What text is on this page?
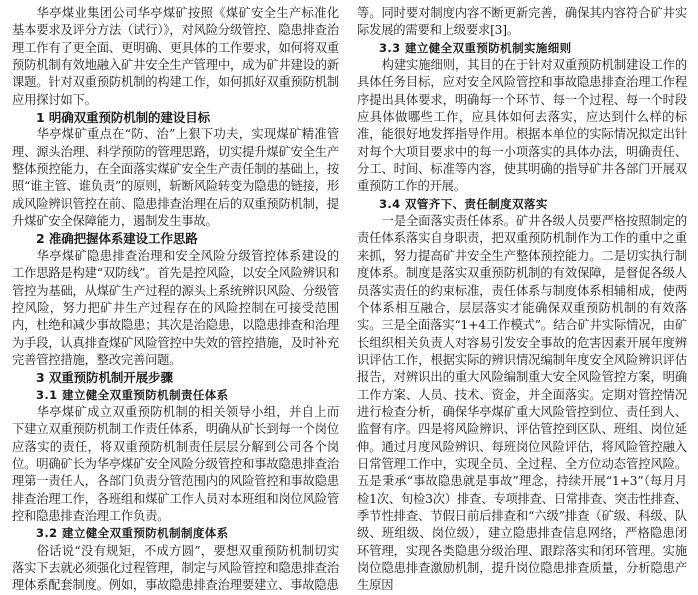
华亭煤业集团公司华亭煤矿按照《煤矿安全生产标准化基本要求及评分方法（试行）》，对风险分级管控、隐患排查治理工作有了更全面、更明确、更具体的工作要求，如何将双重预防机制有效地融入矿井安全生产管理中，成为矿井建设的新课题。针对双重预防机制的构建工作，如何抓好双重预防机制应用探讨如下。

1 明确双重预防机制的建设目标

华亭煤矿重点在“防、治”上狠下功夫，实现煤矿精准管理、源头治理、科学预防的管理思路，切实提升煤矿安全生产整体预控能力，在全面落实煤矿安全生产责任制的基础上，按照“谁主管、谁负责”的原则，斩断风险转变为隐患的链接，形成风险辨识管控在前、隐患排查治理在后的双重预防机制，提升煤矿安全保障能力，遏制发生事故。

2 准确把握体系建设工作思路

华亭煤矿隐患排查治理和安全风险分级管控体系建设的工作思路是构建“双防线”。首先是控风险，以安全风险辨识和管控为基础，从煤矿生产过程的源头上系统辨识风险、分级管控风险，努力把矿井生产过程存在的风险控制在可接受范围内，杜绝和减少事故隐患；其次是治隐患，以隐患排查和治理为手段，认真排查煤矿风险管控中失效的管控措施，及时补充完善管控措施，整改完善问题。

3 双重预防机制开展步骤
3.1 建立健全双重预防机制责任体系

华亭煤矿成立双重预防机制的相关领导小组，并自上而下建立双重预防机制工作责任体系，明确从矿长到每一个岗位应落实的责任，将双重预防机制责任层层分解到公司各个岗位。明确矿长为华亭煤矿安全风险分级管控和事故隐患排查治理第一责任人，各部门负责分管范围内的风险管控和事故隐患排查治理工作，各班组和煤矿工作人员对本班组和岗位风险管控和隐患排查治理工作负责。

3.2 建立健全双重预防机制制度体系

俗话说“没有规矩，不成方圆”，要想双重预防机制切实落实下去就必须强化过程管理，制定与风险管控和隐患排查治理体系配套制度。例如，事故隐患排查治理要建立、事故隐患

等。同时要对制度内容不断更新完善，确保其内容符合矿井实际发展的需要和上级要求[3]。

3.3 建立健全双重预防机制实施细则

构建实施细则，其目的在于针对双重预防机制建设工作的具体任务目标，应对安全风险管控和事故隐患排查治理工作程序提出具体要求，明确每一个环节、每一个过程、每一个时段应具体做哪些工作，应具体如何去落实，应达到什么样的标准，能很好地发挥指导作用。根据本单位的实际情况拟定出针对每个大项目要求中的每一小项落实的具体办法，明确责任、分工、时间、标准等内容，使其明确的指导矿井各部门开展双重预防工作的开展。

3.4 双管齐下、责任制度双落实

一是全面落实责任体系。矿井各级人员要严格按照制定的责任体系落实自身职责，把双重预防机制作为工作的重中之重来抓，努力提高矿井安全生产整体预控能力。二是切实执行制度体系。制度是落实双重预防机制的有效保障，是督促各级人员落实责任的约束标准，责任体系与制度体系相辅相成，使两个体系相互融合，层层落实才能确保双重预防机制的有效落实。三是全面落实“1+4工作模式”。结合矿井实际情况，由矿长组织相关负责人对容易引发安全事故的危害因素开展年度辨识评估工作，根据实际的辨识情况编制年度安全风险辨识评估报告，对辨识出的重大风险编制重大安全风险管控方案，明确工作方案、人员、技术、资金，并全面落实。定期对管控情况进行检查分析，确保华亭煤矿重大风险管控到位、责任到人、监督有序。四是将风险辨识、评估管控到区队、班组、岗位延伸。通过月度风险辨识、每班岗位风险评估，将风险管控融入日常管理工作中，实现全员、全过程、全方位动态管控风险。五是秉承“事故隐患就是事故”理念，持续开展“1+3”（每月月检1次、旬检3次）排查、专项排查、日常排查、突击性排查、季节性排查、节假日前后排查和“六级”排查（矿级、科级、队级、班组级、岗位级），建立隐患排查信息网络，严格隐患闭环管理，实现各类隐患分级治理、跟踪落实和闭环管理。实施岗位隐患排查激励机制，提升岗位隐患排查质量，分析隐患产生原因
